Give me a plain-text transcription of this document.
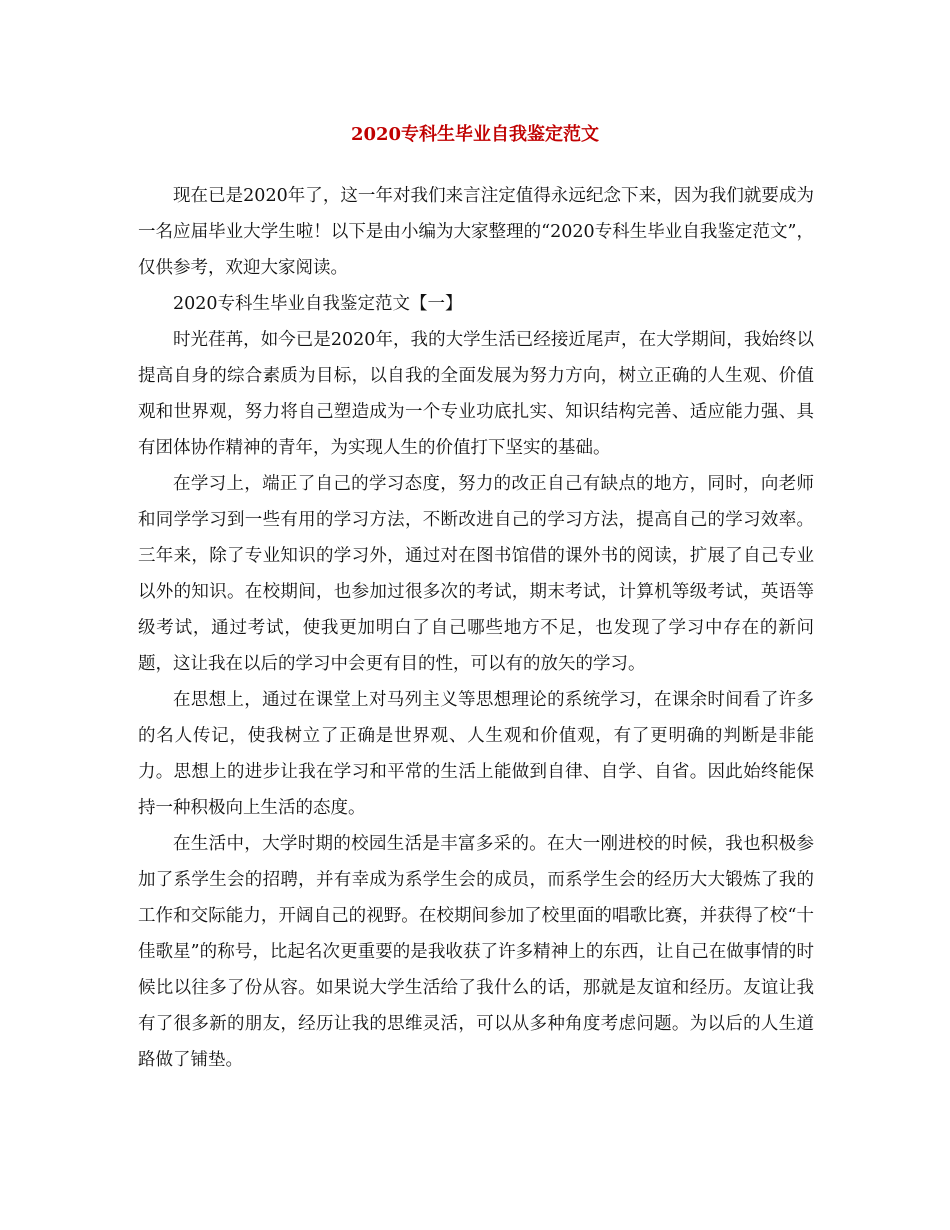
2020专科生毕业自我鉴定范文

现在已是2020年了，这一年对我们来言注定值得永远纪念下来，因为我们就要成为一名应届毕业大学生啦！以下是由小编为大家整理的“2020专科生毕业自我鉴定范文”，仅供参考，欢迎大家阅读。

2020专科生毕业自我鉴定范文【一】

时光荏苒，如今已是2020年，我的大学生活已经接近尾声，在大学期间，我始终以提高自身的综合素质为目标，以自我的全面发展为努力方向，树立正确的人生观、价值观和世界观，努力将自己塑造成为一个专业功底扎实、知识结构完善、适应能力强、具有团体协作精神的青年，为实现人生的价值打下坚实的基础。

在学习上，端正了自己的学习态度，努力的改正自己有缺点的地方，同时，向老师和同学学习到一些有用的学习方法，不断改进自己的学习方法，提高自己的学习效率。三年来，除了专业知识的学习外，通过对在图书馆借的课外书的阅读，扩展了自己专业以外的知识。在校期间，也参加过很多次的考试，期末考试，计算机等级考试，英语等级考试，通过考试，使我更加明白了自己哪些地方不足，也发现了学习中存在的新问题，这让我在以后的学习中会更有目的性，可以有的放矢的学习。

在思想上，通过在课堂上对马列主义等思想理论的系统学习，在课余时间看了许多的名人传记，使我树立了正确是世界观、人生观和价值观，有了更明确的判断是非能力。思想上的进步让我在学习和平常的生活上能做到自律、自学、自省。因此始终能保持一种积极向上生活的态度。

在生活中，大学时期的校园生活是丰富多采的。在大一刚进校的时候，我也积极参加了系学生会的招聘，并有幸成为系学生会的成员，而系学生会的经历大大锻炼了我的工作和交际能力，开阔自己的视野。在校期间参加了校里面的唱歌比赛，并获得了校“十佳歌星”的称号，比起名次更重要的是我收获了许多精神上的东西，让自己在做事情的时候比以往多了份从容。如果说大学生活给了我什么的话，那就是友谊和经历。友谊让我有了很多新的朋友，经历让我的思维灵活，可以从多种角度考虑问题。为以后的人生道路做了铺垫。
